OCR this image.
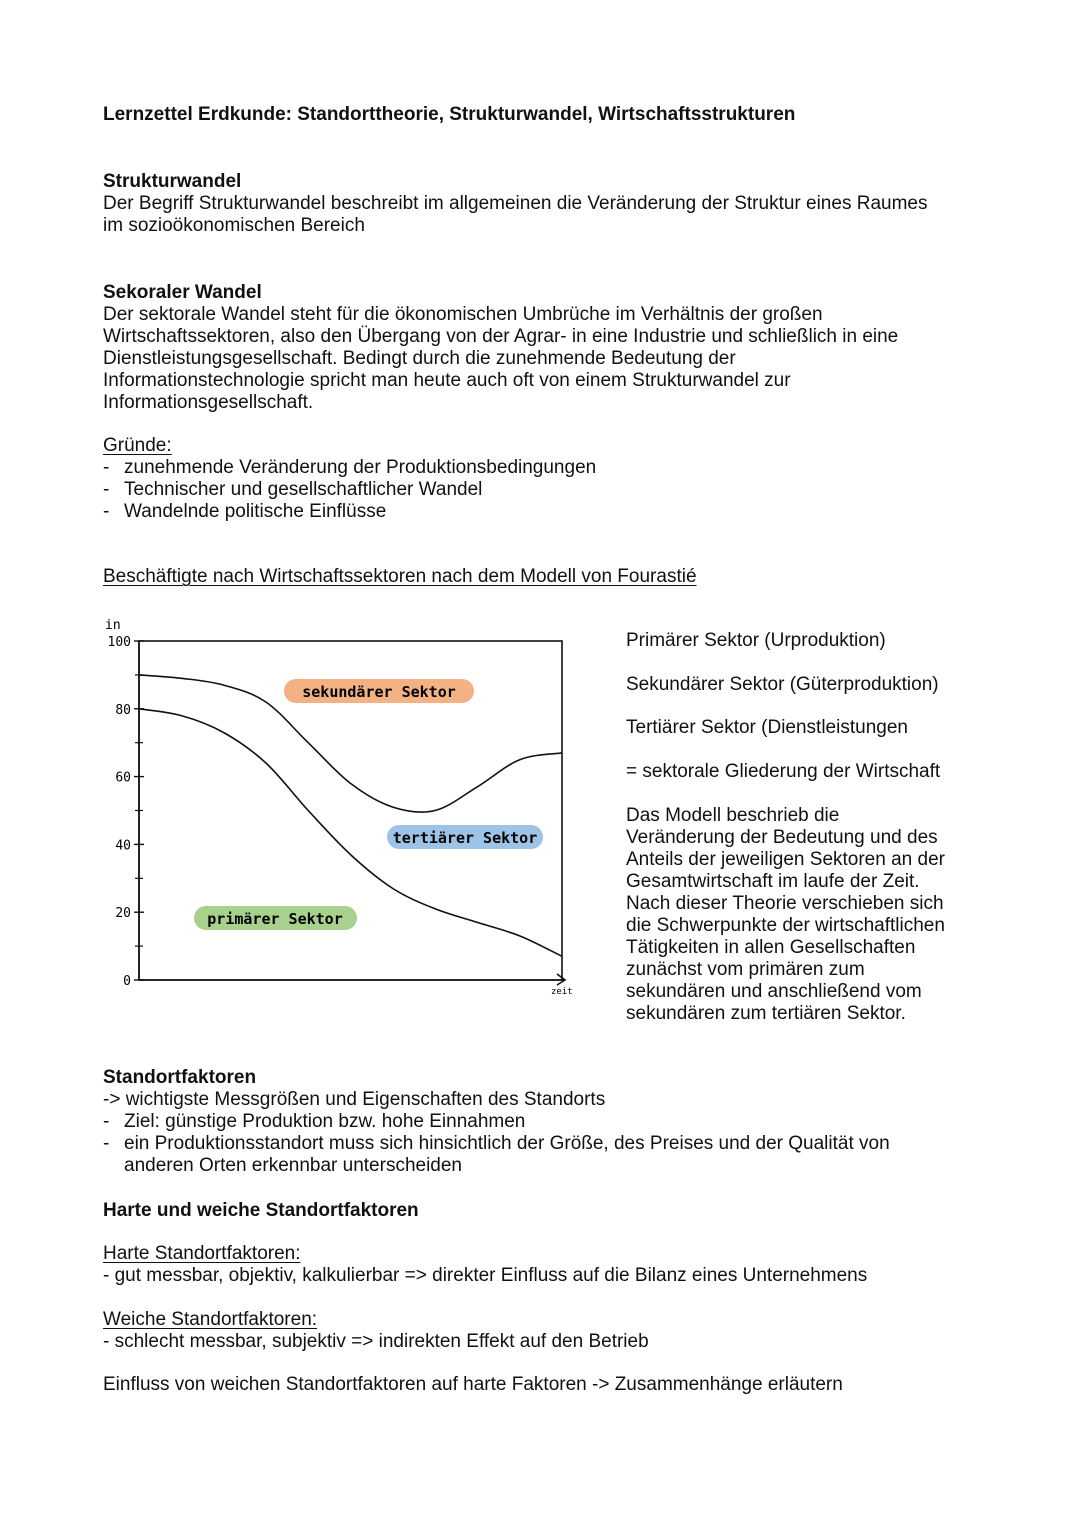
Lernzettel Erdkunde: Standorttheorie, Strukturwandel, Wirtschaftsstrukturen
Strukturwandel
Der Begriff Strukturwandel beschreibt im allgemeinen die Veränderung der Struktur eines Raumes
im sozioökonomischen Bereich
Sekoraler Wandel
Der sektorale Wandel steht für die ökonomischen Umbrüche im Verhältnis der großen
Wirtschaftssektoren, also den Übergang von der Agrar- in eine Industrie und schließlich in eine
Dienstleistungsgesellschaft. Bedingt durch die zunehmende Bedeutung der
Informationstechnologie spricht man heute auch oft von einem Strukturwandel zur
Informationsgesellschaft.
Gründe:
- zunehmende Veränderung der Produktionsbedingungen
- Technischer und gesellschaftlicher Wandel
- Wandelnde politische Einflüsse
Beschäftigte nach Wirtschaftssektoren nach dem Modell von Fourastié
in
0
20
40
60
80
100
zeit
sekundärer Sektor
tertiärer Sektor
primärer Sektor
Primärer Sektor (Urproduktion)
Sekundärer Sektor (Güterproduktion)
Tertiärer Sektor (Dienstleistungen
= sektorale Gliederung der Wirtschaft
Das Modell beschrieb die
Veränderung der Bedeutung und des
Anteils der jeweiligen Sektoren an der
Gesamtwirtschaft im laufe der Zeit.
Nach dieser Theorie verschieben sich
die Schwerpunkte der wirtschaftlichen
Tätigkeiten in allen Gesellschaften
zunächst vom primären zum
sekundären und anschließend vom
sekundären zum tertiären Sektor.
Standortfaktoren
-> wichtigste Messgrößen und Eigenschaften des Standorts
- Ziel: günstige Produktion bzw. hohe Einnahmen
- ein Produktionsstandort muss sich hinsichtlich der Größe, des Preises und der Qualität von
anderen Orten erkennbar unterscheiden
Harte und weiche Standortfaktoren
Harte Standortfaktoren:
- gut messbar, objektiv, kalkulierbar => direkter Einfluss auf die Bilanz eines Unternehmens
Weiche Standortfaktoren:
- schlecht messbar, subjektiv => indirekten Effekt auf den Betrieb
Einfluss von weichen Standortfaktoren auf harte Faktoren -> Zusammenhänge erläutern
